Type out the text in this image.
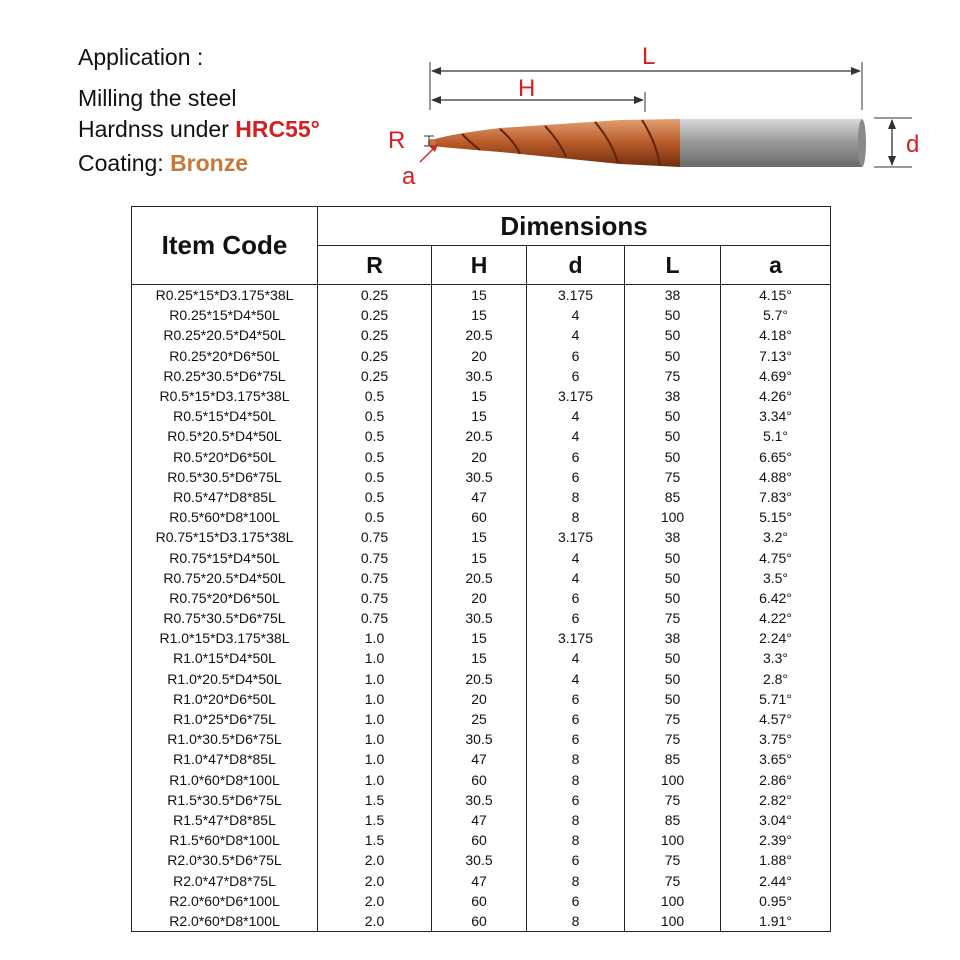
Application :
Milling the steel
Hardnss under HRC55°
Coating: Bronze
L
H
R
a
d
Item Code	Dimensions				
	R	H	d	L	a
R0.25*15*D3.175*38L	0.25	15	3.175	38	4.15°
R0.25*15*D4*50L	0.25	15	4	50	5.7°
R0.25*20.5*D4*50L	0.25	20.5	4	50	4.18°
R0.25*20*D6*50L	0.25	20	6	50	7.13°
R0.25*30.5*D6*75L	0.25	30.5	6	75	4.69°
R0.5*15*D3.175*38L	0.5	15	3.175	38	4.26°
R0.5*15*D4*50L	0.5	15	4	50	3.34°
R0.5*20.5*D4*50L	0.5	20.5	4	50	5.1°
R0.5*20*D6*50L	0.5	20	6	50	6.65°
R0.5*30.5*D6*75L	0.5	30.5	6	75	4.88°
R0.5*47*D8*85L	0.5	47	8	85	7.83°
R0.5*60*D8*100L	0.5	60	8	100	5.15°
R0.75*15*D3.175*38L	0.75	15	3.175	38	3.2°
R0.75*15*D4*50L	0.75	15	4	50	4.75°
R0.75*20.5*D4*50L	0.75	20.5	4	50	3.5°
R0.75*20*D6*50L	0.75	20	6	50	6.42°
R0.75*30.5*D6*75L	0.75	30.5	6	75	4.22°
R1.0*15*D3.175*38L	1.0	15	3.175	38	2.24°
R1.0*15*D4*50L	1.0	15	4	50	3.3°
R1.0*20.5*D4*50L	1.0	20.5	4	50	2.8°
R1.0*20*D6*50L	1.0	20	6	50	5.71°
R1.0*25*D6*75L	1.0	25	6	75	4.57°
R1.0*30.5*D6*75L	1.0	30.5	6	75	3.75°
R1.0*47*D8*85L	1.0	47	8	85	3.65°
R1.0*60*D8*100L	1.0	60	8	100	2.86°
R1.5*30.5*D6*75L	1.5	30.5	6	75	2.82°
R1.5*47*D8*85L	1.5	47	8	85	3.04°
R1.5*60*D8*100L	1.5	60	8	100	2.39°
R2.0*30.5*D6*75L	2.0	30.5	6	75	1.88°
R2.0*47*D8*75L	2.0	47	8	75	2.44°
R2.0*60*D6*100L	2.0	60	6	100	0.95°
R2.0*60*D8*100L	2.0	60	8	100	1.91°
